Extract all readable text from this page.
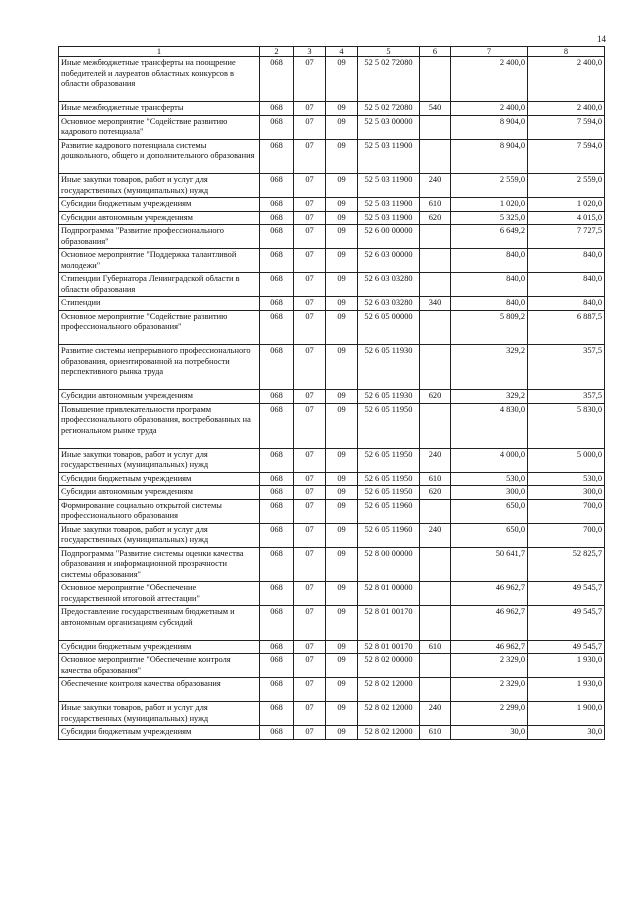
14
1	2	3	4	5	6	7	8
Иные межбюджетные трансферты на поощрение победителей и лауреатов областных конкурсов в области образования	068	07	09	52 5 02 72080		2 400,0	2 400,0
Иные межбюджетные трансферты	068	07	09	52 5 02 72080	540	2 400,0	2 400,0
Основное мероприятие "Содействие развитию кадрового потенциала"	068	07	09	52 5 03 00000		8 904,0	7 594,0
Развитие кадрового потенциала системы дошкольного, общего и дополнительного образования	068	07	09	52 5 03 11900		8 904,0	7 594,0
Иные закупки товаров, работ и услуг для государственных (муниципальных) нужд	068	07	09	52 5 03 11900	240	2 559,0	2 559,0
Субсидии бюджетным учреждениям	068	07	09	52 5 03 11900	610	1 020,0	1 020,0
Субсидии автономным учреждениям	068	07	09	52 5 03 11900	620	5 325,0	4 015,0
Подпрограмма "Развитие профессионального образования"	068	07	09	52 6 00 00000		6 649,2	7 727,5
Основное мероприятие "Поддержка талантливой молодежи"	068	07	09	52 6 03 00000		840,0	840,0
Стипендии Губернатора Ленинградской области в области образования	068	07	09	52 6 03 03280		840,0	840,0
Стипендии	068	07	09	52 6 03 03280	340	840,0	840,0
Основное мероприятие "Содействие развитию профессионального образования"	068	07	09	52 6 05 00000		5 809,2	6 887,5
Развитие системы непрерывного профессионального образования, ориентированной на потребности перспективного рынка труда	068	07	09	52 6 05 11930		329,2	357,5
Субсидии автономным учреждениям	068	07	09	52 6 05 11930	620	329,2	357,5
Повышение привлекательности программ профессионального образования, востребованных на региональном рынке труда	068	07	09	52 6 05 11950		4 830,0	5 830,0
Иные закупки товаров, работ и услуг для государственных (муниципальных) нужд	068	07	09	52 6 05 11950	240	4 000,0	5 000,0
Субсидии бюджетным учреждениям	068	07	09	52 6 05 11950	610	530,0	530,0
Субсидии автономным учреждениям	068	07	09	52 6 05 11950	620	300,0	300,0
Формирование социально открытой системы профессионального образования	068	07	09	52 6 05 11960		650,0	700,0
Иные закупки товаров, работ и услуг для государственных (муниципальных) нужд	068	07	09	52 6 05 11960	240	650,0	700,0
Подпрограмма "Развитие системы оценки качества образования и информационной прозрачности системы образования"	068	07	09	52 8 00 00000		50 641,7	52 825,7
Основное мероприятие "Обеспечение государственной итоговой аттестации"	068	07	09	52 8 01 00000		46 962,7	49 545,7
Предоставление государственным бюджетным и автономным организациям субсидий	068	07	09	52 8 01 00170		46 962,7	49 545,7
Субсидии бюджетным учреждениям	068	07	09	52 8 01 00170	610	46 962,7	49 545,7
Основное мероприятие "Обеспечение контроля качества образования"	068	07	09	52 8 02 00000		2 329,0	1 930,0
Обеспечение контроля качества образования	068	07	09	52 8 02 12000		2 329,0	1 930,0
Иные закупки товаров, работ и услуг для государственных (муниципальных) нужд	068	07	09	52 8 02 12000	240	2 299,0	1 900,0
Субсидии бюджетным учреждениям	068	07	09	52 8 02 12000	610	30,0	30,0
